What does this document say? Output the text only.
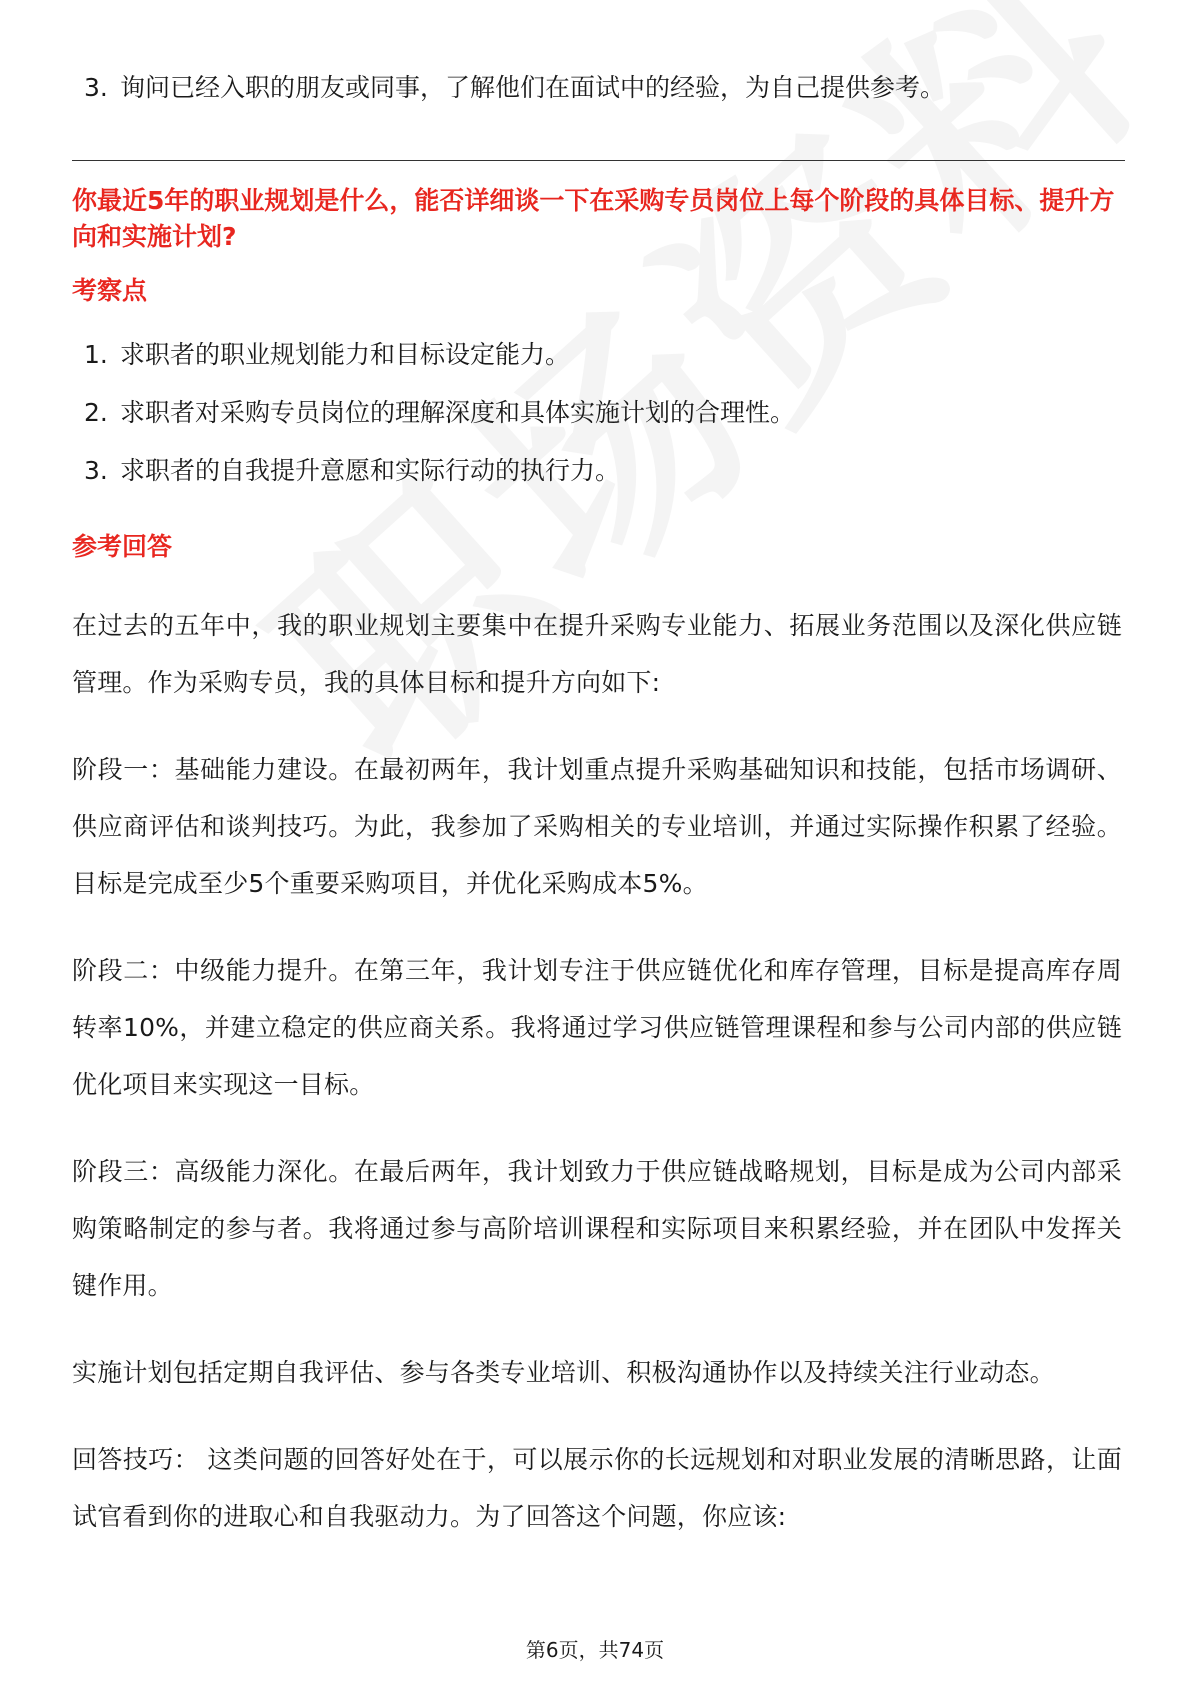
3. 询问已经入职的朋友或同事，了解他们在面试中的经验，为自己提供参考。
你最近5年的职业规划是什么，能否详细谈一下在采购专员岗位上每个阶段的具体目标、提升方向和实施计划?
考察点
1. 求职者的职业规划能力和目标设定能力。
2. 求职者对采购专员岗位的理解深度和具体实施计划的合理性。
3. 求职者的自我提升意愿和实际行动的执行力。
参考回答

在过去的五年中，我的职业规划主要集中在提升采购专业能力、拓展业务范围以及深化供应链管理。作为采购专员，我的具体目标和提升方向如下:

阶段一：基础能力建设。在最初两年，我计划重点提升采购基础知识和技能，包括市场调研、供应商评估和谈判技巧。为此，我参加了采购相关的专业培训，并通过实际操作积累了经验。目标是完成至少5个重要采购项目，并优化采购成本5%。

阶段二：中级能力提升。在第三年，我计划专注于供应链优化和库存管理，目标是提高库存周转率10%，并建立稳定的供应商关系。我将通过学习供应链管理课程和参与公司内部的供应链优化项目来实现这一目标。

阶段三：高级能力深化。在最后两年，我计划致力于供应链战略规划，目标是成为公司内部采购策略制定的参与者。我将通过参与高阶培训课程和实际项目来积累经验，并在团队中发挥关键作用。

实施计划包括定期自我评估、参与各类专业培训、积极沟通协作以及持续关注行业动态。

回答技巧： 这类问题的回答好处在于，可以展示你的长远规划和对职业发展的清晰思路，让面试官看到你的进取心和自我驱动力。为了回答这个问题，你应该:

第6页，共74页
